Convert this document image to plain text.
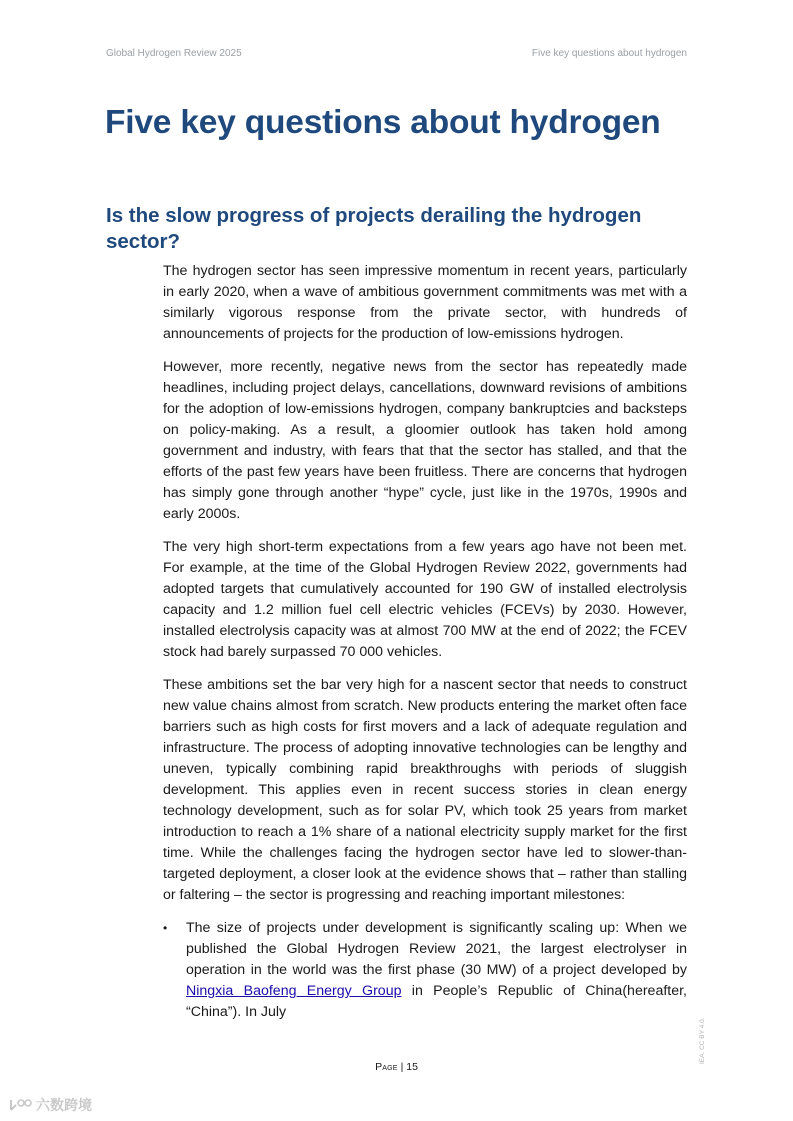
Global Hydrogen Review 2025	Five key questions about hydrogen
Five key questions about hydrogen
Is the slow progress of projects derailing the hydrogen sector?

The hydrogen sector has seen impressive momentum in recent years, particularly in early 2020, when a wave of ambitious government commitments was met with a similarly vigorous response from the private sector, with hundreds of announcements of projects for the production of low-emissions hydrogen.

However, more recently, negative news from the sector has repeatedly made headlines, including project delays, cancellations, downward revisions of ambitions for the adoption of low-emissions hydrogen, company bankruptcies and backsteps on policy-making. As a result, a gloomier outlook has taken hold among government and industry, with fears that that the sector has stalled, and that the efforts of the past few years have been fruitless. There are concerns that hydrogen has simply gone through another “hype” cycle, just like in the 1970s, 1990s and early 2000s.

The very high short-term expectations from a few years ago have not been met. For example, at the time of the Global Hydrogen Review 2022, governments had adopted targets that cumulatively accounted for 190 GW of installed electrolysis capacity and 1.2 million fuel cell electric vehicles (FCEVs) by 2030. However, installed electrolysis capacity was at almost 700 MW at the end of 2022; the FCEV stock had barely surpassed 70 000 vehicles.

These ambitions set the bar very high for a nascent sector that needs to construct new value chains almost from scratch. New products entering the market often face barriers such as high costs for first movers and a lack of adequate regulation and infrastructure. The process of adopting innovative technologies can be lengthy and uneven, typically combining rapid breakthroughs with periods of sluggish development. This applies even in recent success stories in clean energy technology development, such as for solar PV, which took 25 years from market introduction to reach a 1% share of a national electricity supply market for the first time. While the challenges facing the hydrogen sector have led to slower-than-targeted deployment, a closer look at the evidence shows that – rather than stalling or faltering – the sector is progressing and reaching important milestones:

•	The size of projects under development is significantly scaling up: When we published the Global Hydrogen Review 2021, the largest electrolyser in operation in the world was the first phase (30 MW) of a project developed by Ningxia Baofeng Energy Group in People’s Republic of China(hereafter, “China”). In July
Page | 15
IEA. CC BY 4.0.
六数跨境
